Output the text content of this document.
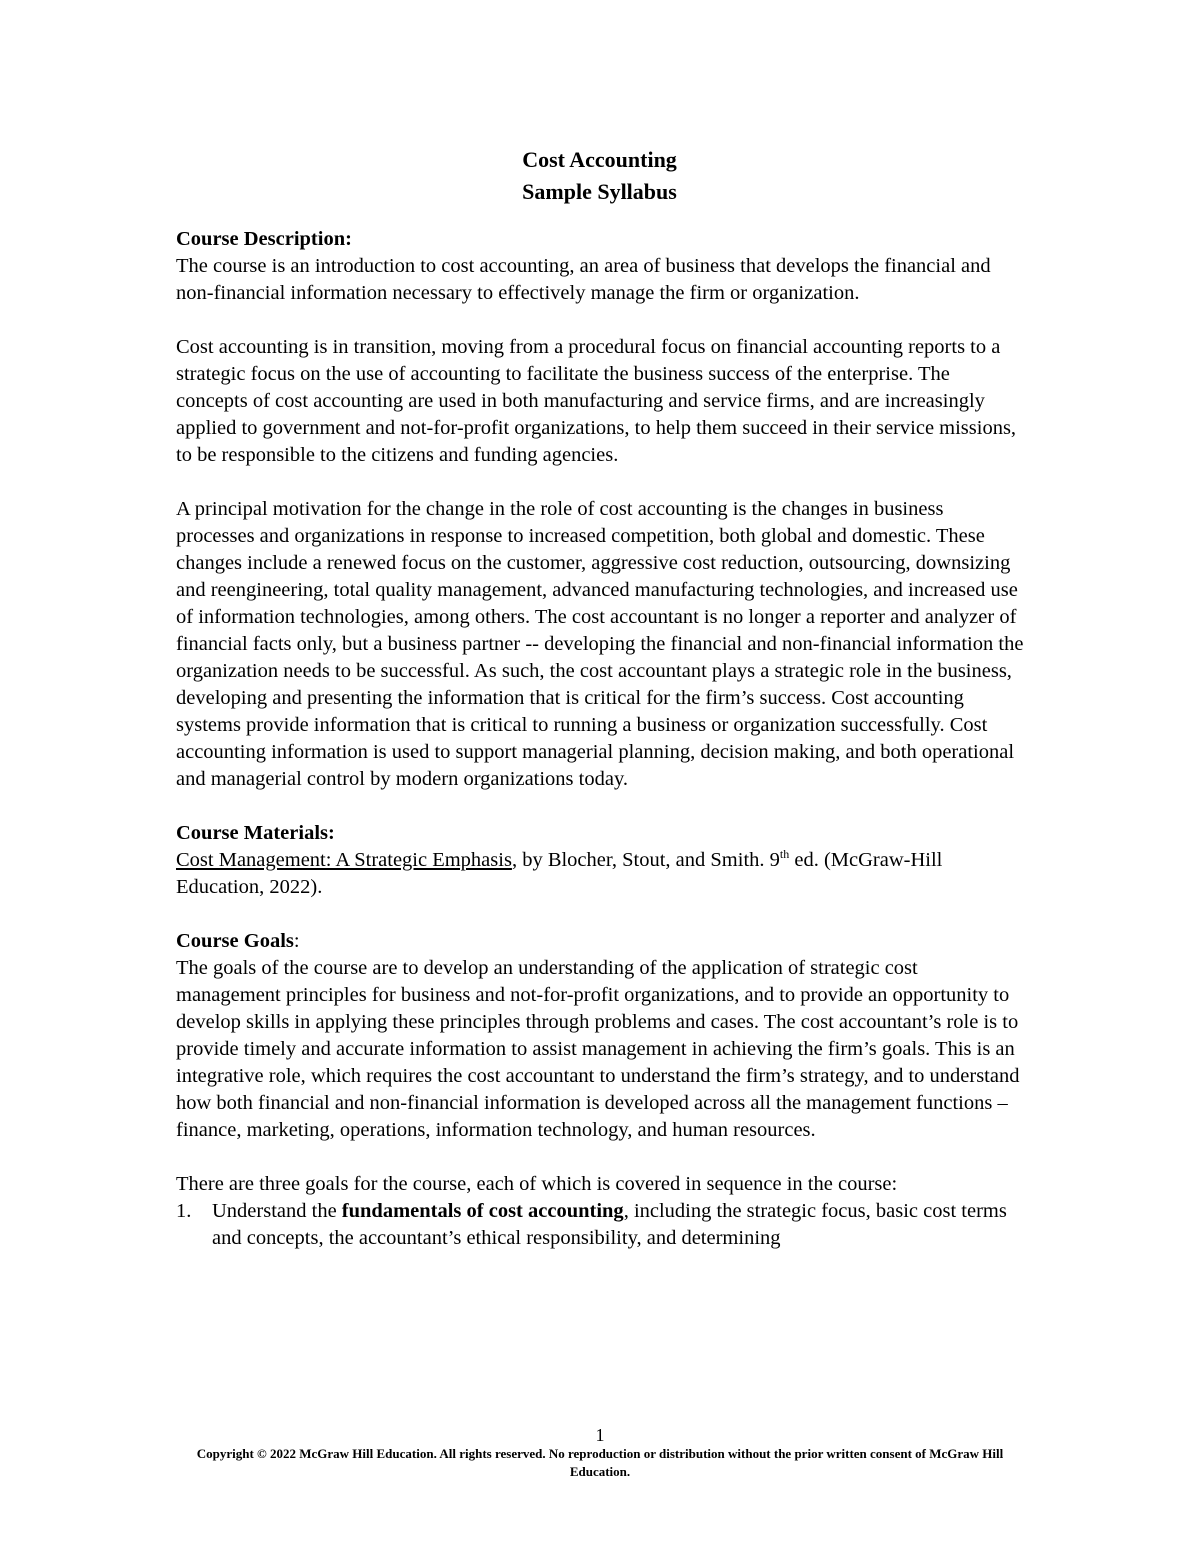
Cost Accounting
Sample Syllabus
Course Description:

The course is an introduction to cost accounting, an area of business that develops the financial and non-financial information necessary to effectively manage the firm or organization.

Cost accounting is in transition, moving from a procedural focus on financial accounting reports to a strategic focus on the use of accounting to facilitate the business success of the enterprise. The concepts of cost accounting are used in both manufacturing and service firms, and are increasingly applied to government and not-for-profit organizations, to help them succeed in their service missions, to be responsible to the citizens and funding agencies.

A principal motivation for the change in the role of cost accounting is the changes in business processes and organizations in response to increased competition, both global and domestic. These changes include a renewed focus on the customer, aggressive cost reduction, outsourcing, downsizing and reengineering, total quality management, advanced manufacturing technologies, and increased use of information technologies, among others. The cost accountant is no longer a reporter and analyzer of financial facts only, but a business partner -- developing the financial and non-financial information the organization needs to be successful. As such, the cost accountant plays a strategic role in the business, developing and presenting the information that is critical for the firm’s success. Cost accounting systems provide information that is critical to running a business or organization successfully. Cost accounting information is used to support managerial planning, decision making, and both operational and managerial control by modern organizations today.

Course Materials:

Cost Management: A Strategic Emphasis, by Blocher, Stout, and Smith. 9th ed. (McGraw-Hill Education, 2022).

Course Goals:

The goals of the course are to develop an understanding of the application of strategic cost management principles for business and not-for-profit organizations, and to provide an opportunity to develop skills in applying these principles through problems and cases. The cost accountant’s role is to provide timely and accurate information to assist management in achieving the firm’s goals. This is an integrative role, which requires the cost accountant to understand the firm’s strategy, and to understand how both financial and non-financial information is developed across all the management functions – finance, marketing, operations, information technology, and human resources.

There are three goals for the course, each of which is covered in sequence in the course:

1.	Understand the fundamentals of cost accounting, including the strategic focus, basic cost terms and concepts, the accountant’s ethical responsibility, and determining
1
Copyright © 2022 McGraw Hill Education. All rights reserved. No reproduction or distribution without the prior written consent of McGraw Hill Education.
